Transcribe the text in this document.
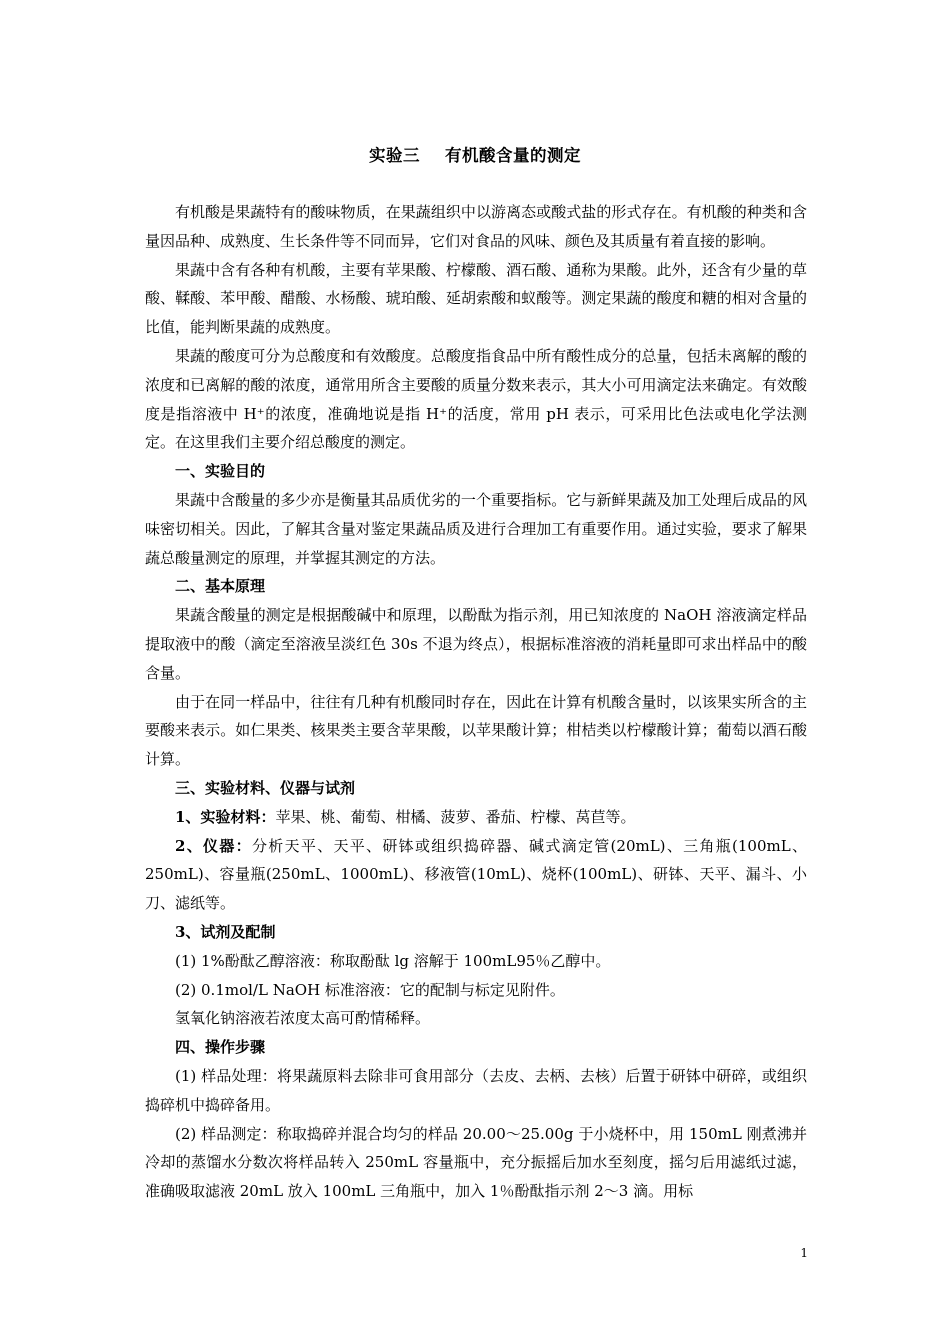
实验三    有机酸含量的测定

有机酸是果蔬特有的酸味物质，在果蔬组织中以游离态或酸式盐的形式存在。有机酸的种类和含量因品种、成熟度、生长条件等不同而异，它们对食品的风味、颜色及其质量有着直接的影响。

果蔬中含有各种有机酸，主要有苹果酸、柠檬酸、酒石酸、通称为果酸。此外，还含有少量的草酸、鞣酸、苯甲酸、醋酸、水杨酸、琥珀酸、延胡索酸和蚁酸等。测定果蔬的酸度和糖的相对含量的比值，能判断果蔬的成熟度。

果蔬的酸度可分为总酸度和有效酸度。总酸度指食品中所有酸性成分的总量，包括未离解的酸的浓度和已离解的酸的浓度，通常用所含主要酸的质量分数来表示，其大小可用滴定法来确定。有效酸度是指溶液中 H⁺的浓度，准确地说是指 H⁺的活度，常用 pH 表示，可采用比色法或电化学法测定。在这里我们主要介绍总酸度的测定。

一、实验目的

果蔬中含酸量的多少亦是衡量其品质优劣的一个重要指标。它与新鲜果蔬及加工处理后成品的风味密切相关。因此，了解其含量对鉴定果蔬品质及进行合理加工有重要作用。通过实验，要求了解果蔬总酸量测定的原理，并掌握其测定的方法。

二、基本原理

果蔬含酸量的测定是根据酸碱中和原理，以酚酞为指示剂，用已知浓度的 NaOH 溶液滴定样品提取液中的酸（滴定至溶液呈淡红色 30s 不退为终点），根据标准溶液的消耗量即可求出样品中的酸含量。

由于在同一样品中，往往有几种有机酸同时存在，因此在计算有机酸含量时，以该果实所含的主要酸来表示。如仁果类、核果类主要含苹果酸，以苹果酸计算；柑桔类以柠檬酸计算；葡萄以酒石酸计算。

三、实验材料、仪器与试剂

1、实验材料：苹果、桃、葡萄、柑橘、菠萝、番茄、柠檬、莴苣等。

2、仪器：分析天平、天平、研钵或组织捣碎器、碱式滴定管(20mL)、三角瓶(100mL、250mL)、容量瓶(250mL、1000mL)、移液管(10mL)、烧杯(100mL)、研钵、天平、漏斗、小刀、滤纸等。

3、试剂及配制

(1) 1%酚酞乙醇溶液：称取酚酞 lg 溶解于 100mL95％乙醇中。

(2) 0.1mol/L NaOH 标准溶液：它的配制与标定见附件。

氢氧化钠溶液若浓度太高可酌情稀释。

四、操作步骤

(1) 样品处理：将果蔬原料去除非可食用部分（去皮、去柄、去核）后置于研钵中研碎，或组织捣碎机中捣碎备用。

(2) 样品测定：称取捣碎并混合均匀的样品 20.00～25.00g 于小烧杯中，用 150mL 刚煮沸并冷却的蒸馏水分数次将样品转入 250mL 容量瓶中，充分振摇后加水至刻度，摇匀后用滤纸过滤，准确吸取滤液 20mL 放入 100mL 三角瓶中，加入 1％酚酞指示剂 2～3 滴。用标

1
